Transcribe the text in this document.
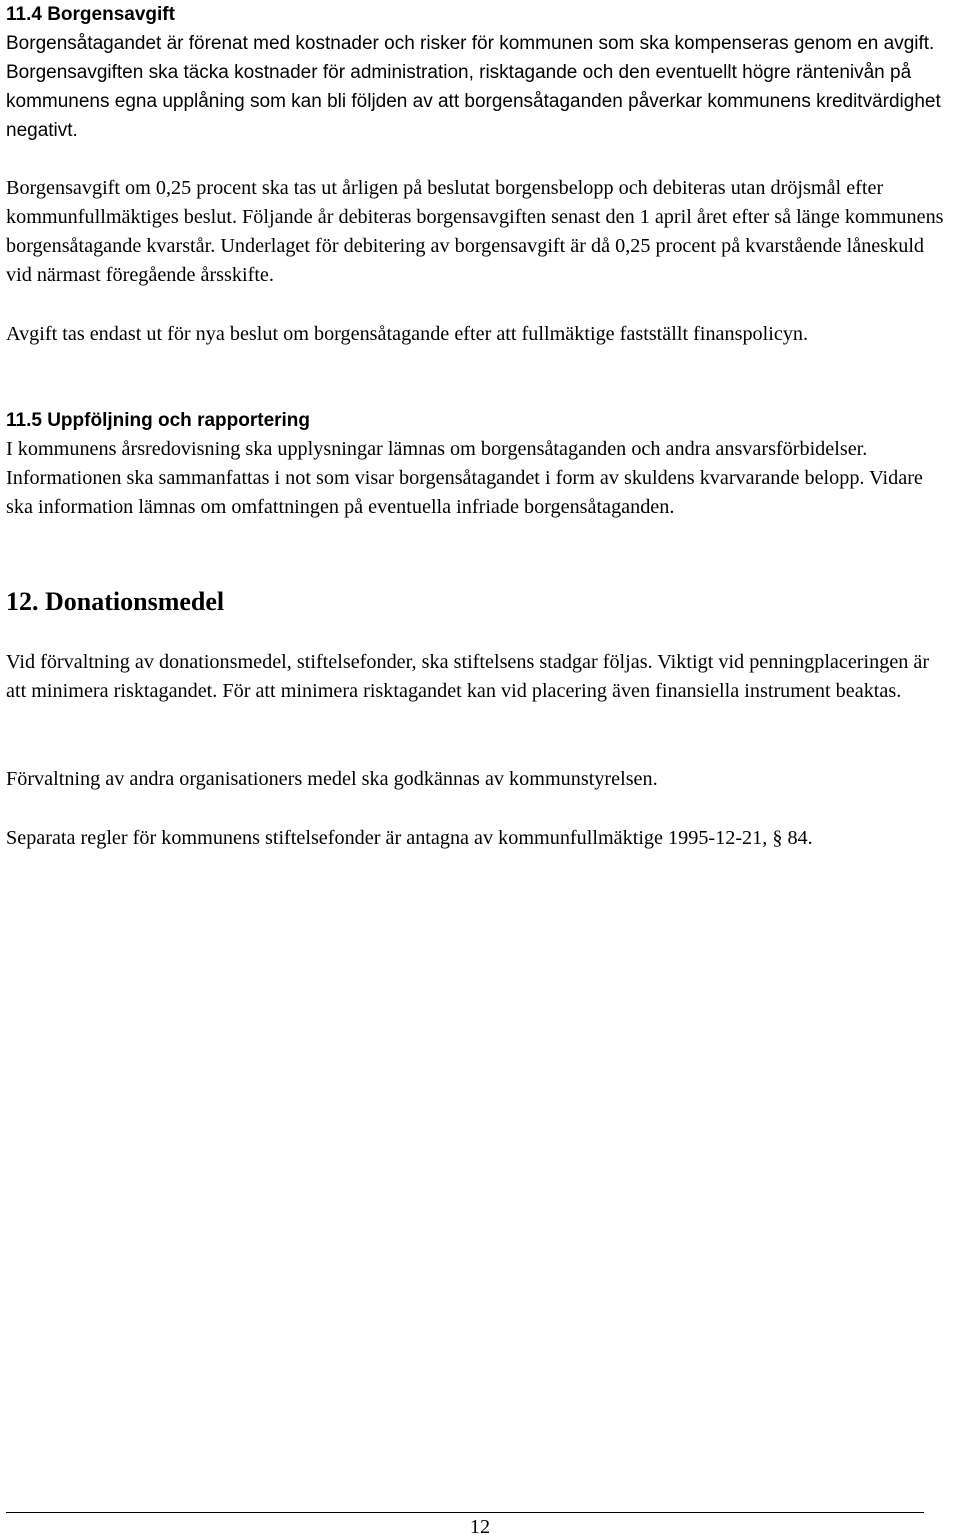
11.4 Borgensavgift

Borgensåtagandet är förenat med kostnader och risker för kommunen som ska kompenseras genom en avgift. Borgensavgiften ska täcka kostnader för administration, risktagande och den eventuellt högre räntenivån på kommunens egna upplåning som kan bli följden av att borgensåtaganden påverkar kommunens kreditvärdighet negativt.

Borgensavgift om 0,25 procent ska tas ut årligen på beslutat borgensbelopp och debiteras utan dröjsmål efter kommunfullmäktiges beslut. Följande år debiteras borgensavgiften senast den 1 april året efter så länge kommunens borgensåtagande kvarstår. Underlaget för debitering av borgensavgift är då 0,25 procent på kvarstående låneskuld vid närmast föregående årsskifte.

Avgift tas endast ut för nya beslut om borgensåtagande efter att fullmäktige fastställt finanspolicyn.

11.5 Uppföljning och rapportering

I kommunens årsredovisning ska upplysningar lämnas om borgensåtaganden och andra ansvarsförbidelser. Informationen ska sammanfattas i not som visar borgensåtagandet i form av skuldens kvarvarande belopp. Vidare ska information lämnas om omfattningen på eventuella infriade borgensåtaganden.

12. Donationsmedel

Vid förvaltning av donationsmedel, stiftelsefonder, ska stiftelsens stadgar följas. Viktigt vid penningplaceringen är att minimera risktagandet. För att minimera risktagandet kan vid placering även finansiella instrument beaktas.

Förvaltning av andra organisationers medel ska godkännas av kommunstyrelsen.

Separata regler för kommunens stiftelsefonder är antagna av kommunfullmäktige 1995-12-21, § 84.

12
